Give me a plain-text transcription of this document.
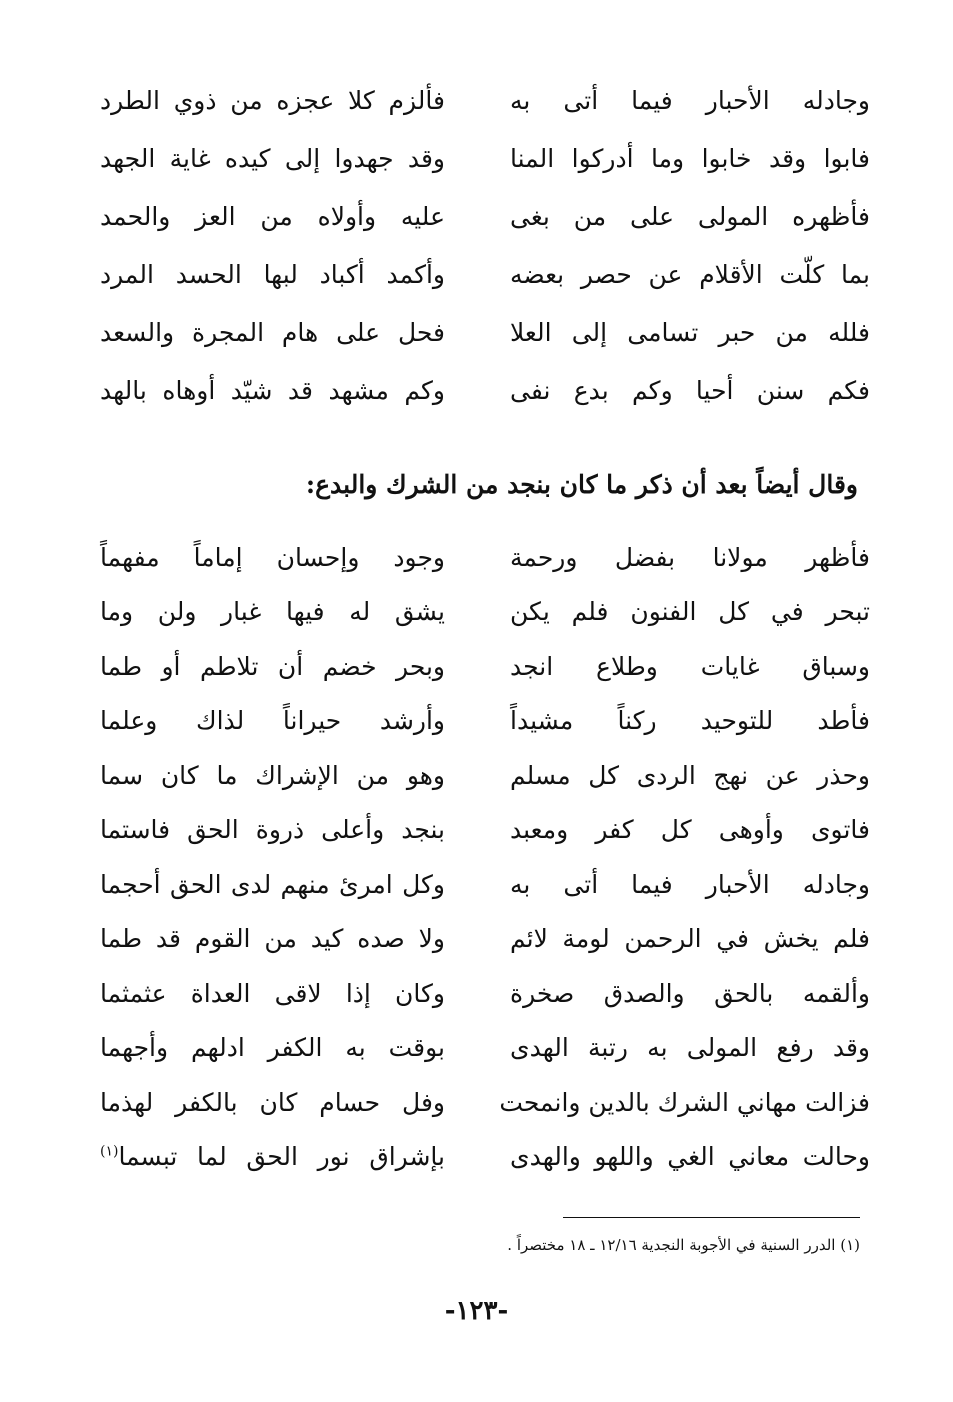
وجادله الأحبار فيما أتى به
فألزم كلا عجزه من ذوي الطرد
فابوا وقد خابوا وما أدركوا المنا
وقد جهدوا إلى كيده غاية الجهد
فأظهره المولى على من بغى
عليه وأولاه من العز والحمد
بما كلّت الأقلام عن حصر بعضه
وأكمد أكباد لبها الحسد المرد
فلله من حبر تسامى إلى العلا
فحل على هام المجرة والسعد
فكم سنن أحيا وكم بدع نفى
وكم مشهد قد شيّد أوهاه بالهد
وقال أيضاً بعد أن ذكر ما كان بنجد من الشرك والبدع:
فأظهر مولانا بفضل ورحمة
وجود وإحسان إماماً مفهماً
تبحر في كل الفنون فلم يكن
يشق له فيها غبار ولن وما
وسباق غايات وطلاع انجد
وبحر خضم أن تلاطم أو طما
فأطد للتوحيد ركناً مشيداً
وأرشد حيراناً لذاك وعلما
وحذر عن نهج الردى كل مسلم
وهو من الإشراك ما كان سما
فاتوى وأوهى كل كفر ومعبد
بنجد وأعلى ذروة الحق فاستما
وجادله الأحبار فيما أتى به
وكل امرئ منهم لدى الحق أحجما
فلم يخش في الرحمن لومة لائم
ولا صده كيد من القوم قد طما
وألقمه بالحق والصدق صخرة
وكان إذا لاقى العداة عثمثما
وقد رفع المولى به رتبة الهدى
بوقت به الكفر ادلهم وأجهما
فزالت مهاني الشرك بالدين وانمحت
وفل حسام كان بالكفر لهذما
وحالت معاني الغي واللهو والهدى
بإشراق نور الحق لما تبسما$^{(١)}$
(١) الدرر السنية في الأجوبة النجدية ١٢/١٦ ـ ١٨ مختصراً .
-١٢٣-
